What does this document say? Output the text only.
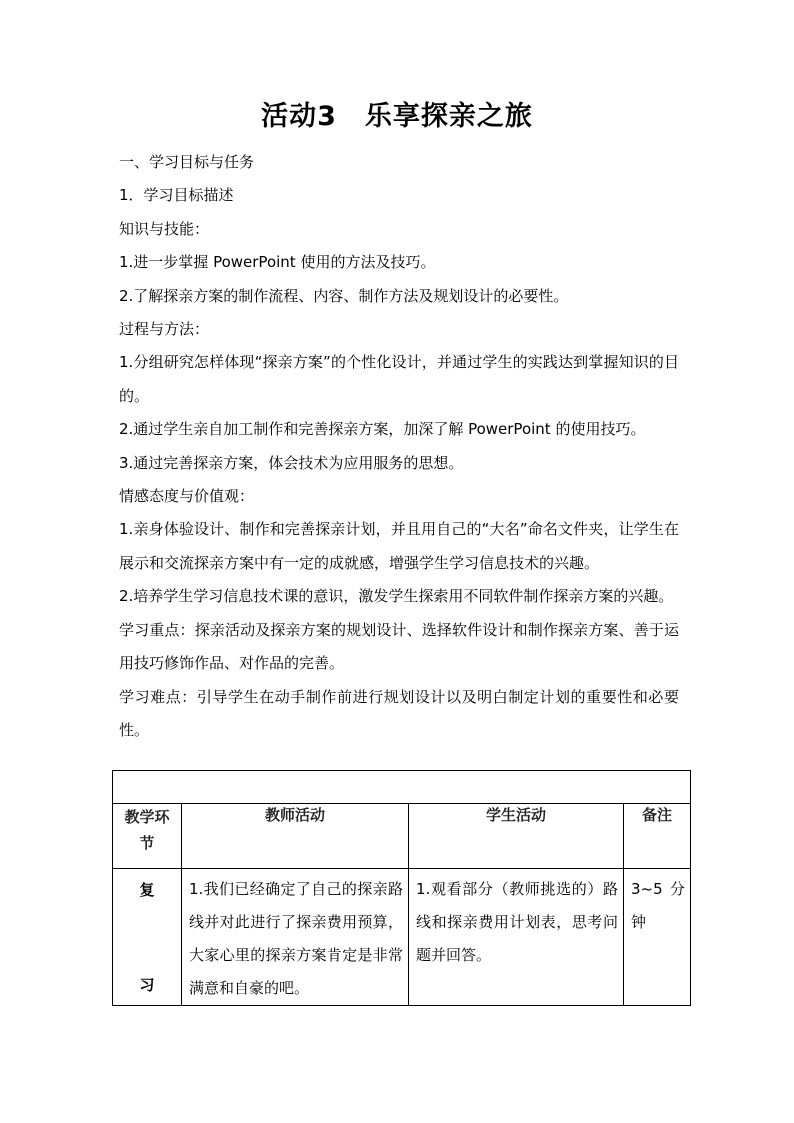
活动3　乐享探亲之旅

一、学习目标与任务

1．学习目标描述

知识与技能：

1.进一步掌握 PowerPoint 使用的方法及技巧。

2.了解探亲方案的制作流程、内容、制作方法及规划设计的必要性。

过程与方法：

1.分组研究怎样体现“探亲方案”的个性化设计，并通过学生的实践达到掌握知识的目的。

2.通过学生亲自加工制作和完善探亲方案，加深了解 PowerPoint 的使用技巧。

3.通过完善探亲方案，体会技术为应用服务的思想。

情感态度与价值观：

1.亲身体验设计、制作和完善探亲计划，并且用自己的“大名”命名文件夹，让学生在展示和交流探亲方案中有一定的成就感，增强学生学习信息技术的兴趣。

2.培养学生学习信息技术课的意识，激发学生探索用不同软件制作探亲方案的兴趣。

学习重点：探亲活动及探亲方案的规划设计、选择软件设计和制作探亲方案、善于运用技巧修饰作品、对作品的完善。

学习难点：引导学生在动手制作前进行规划设计以及明白制定计划的重要性和必要性。

教学环
节	教师活动	学生活动	备注

复
习	1.我们已经确定了自己的探亲路线并对此进行了探亲费用预算，大家心里的探亲方案肯定是非常满意和自豪的吧。	1.观看部分（教师挑选的）路线和探亲费用计划表，思考问题并回答。	3~5 分钟
